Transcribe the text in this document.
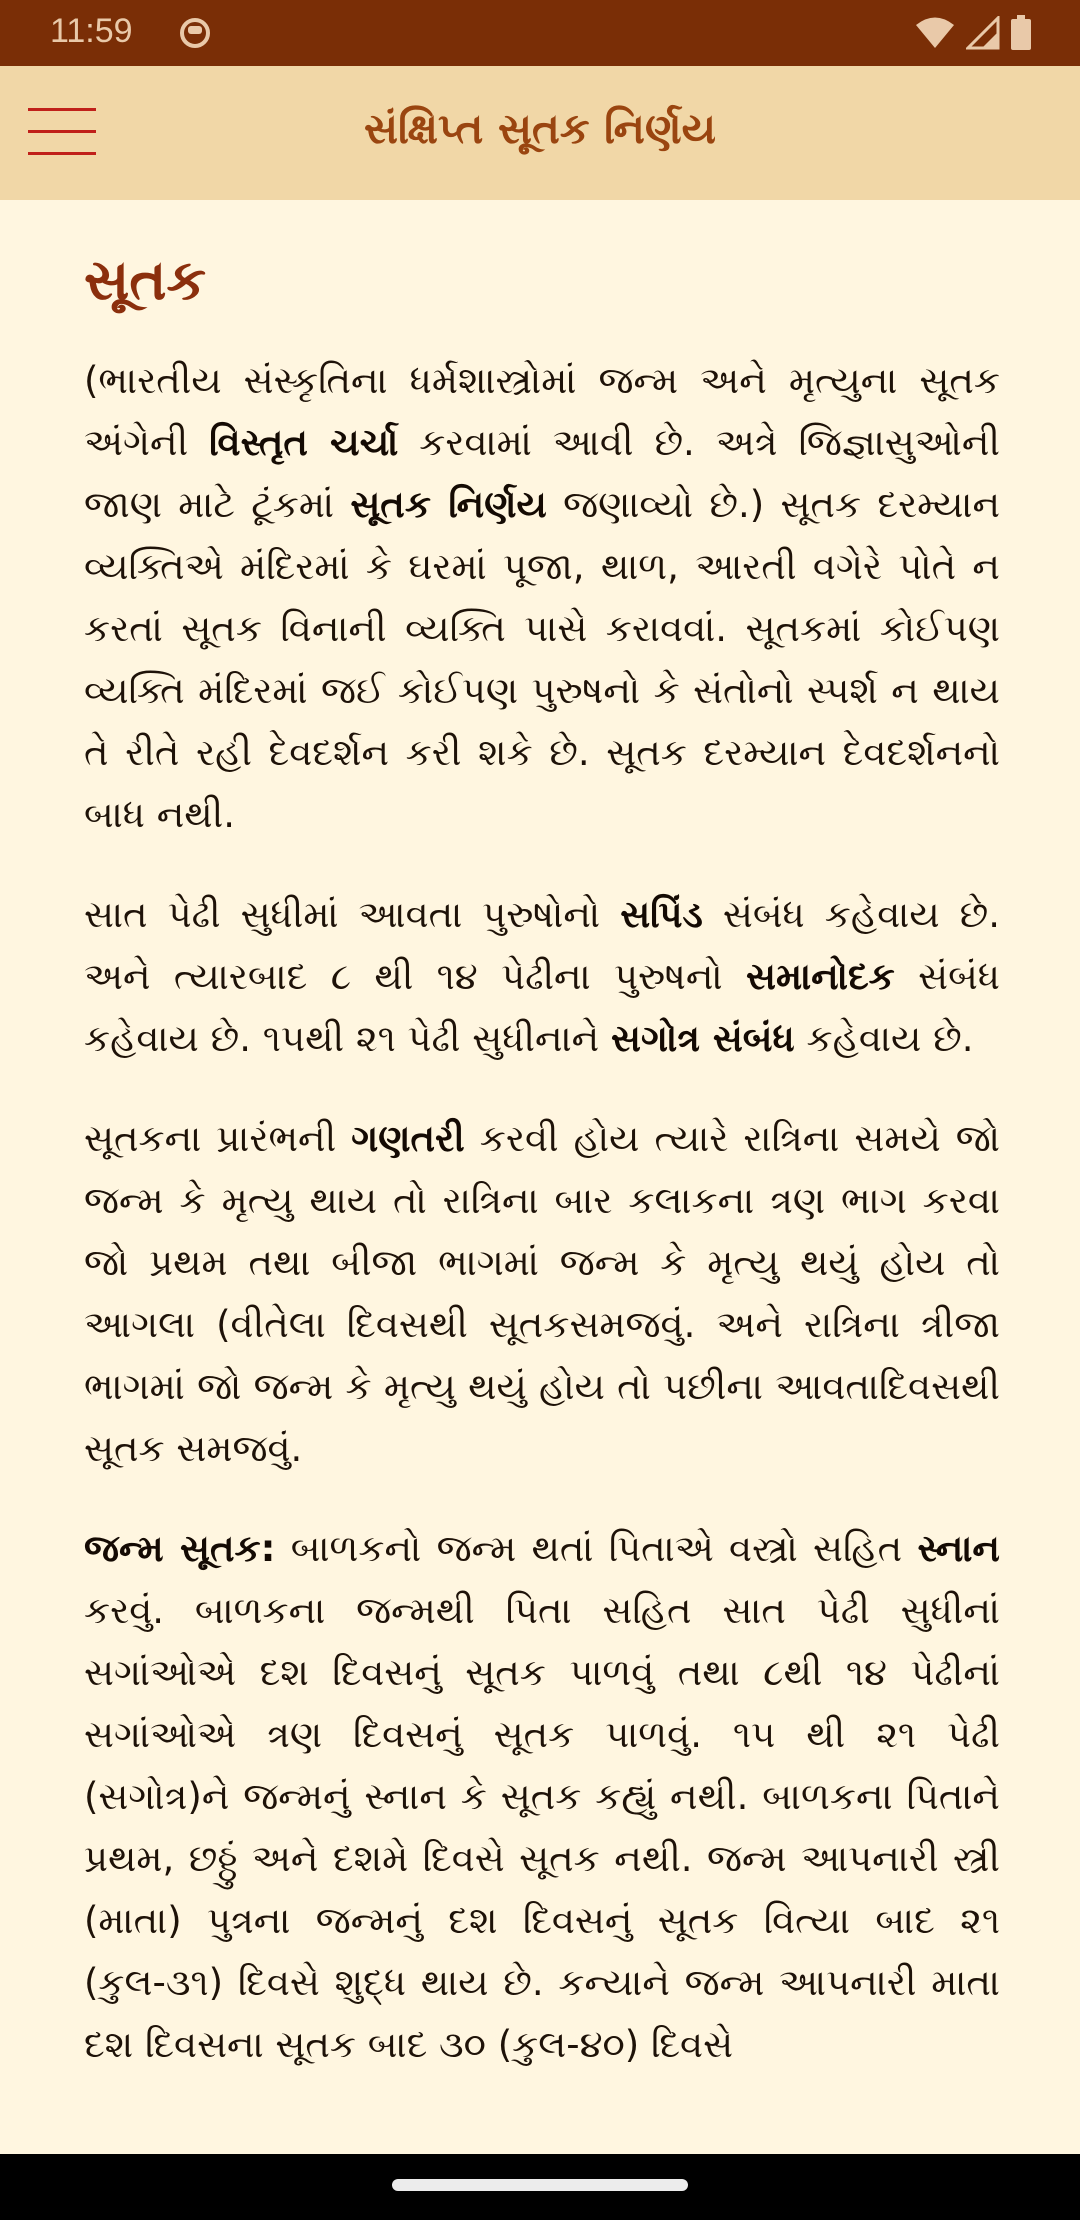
11:59
સંક્ષિપ્ત સૂતક નિર્ણય
સૂતક

(ભારતીય સંસ્કૃતિના ધર્મશાસ્ત્રોમાં જન્મ અને મૃત્યુના સૂતક અંગેની વિસ્તૃત ચર્ચા કરવામાં આવી છે. અત્રે જિજ્ઞાસુઓની જાણ માટે ટૂંકમાં સૂતક નિર્ણય જણાવ્યો છે.) સૂતક દરમ્યાન વ્યક્તિએ મંદિરમાં કે ઘરમાં પૂજા, થાળ, આરતી વગેરે પોતે ન કરતાં સૂતક વિનાની વ્યક્તિ પાસે કરાવવાં. સૂતકમાં કોઈપણ વ્યક્તિ મંદિરમાં જઈ કોઈપણ પુરુષનો કે સંતોનો સ્પર્શ ન થાય તે રીતે રહી દેવદર્શન કરી શકે છે. સૂતક દરમ્યાન દેવદર્શનનો બાધ નથી.

સાત પેઢી સુધીમાં આવતા પુરુષોનો સપિંડ સંબંધ કહેવાય છે. અને ત્યારબાદ ૮ થી ૧૪ પેઢીના પુરુષનો સમાનોદક સંબંધ કહેવાય છે. ૧૫થી ૨૧ પેઢી સુધીનાને સગોત્ર સંબંધ કહેવાય છે.

સૂતકના પ્રારંભની ગણતરી કરવી હોય ત્યારે રાત્રિના સમયે જો જન્મ કે મૃત્યુ થાય તો રાત્રિના બાર કલાકના ત્રણ ભાગ કરવા જો પ્રથમ તથા બીજા ભાગમાં જન્મ કે મૃત્યુ થયું હોય તો આગલા (વીતેલા દિવસથી સૂતકસમજવું. અને રાત્રિના ત્રીજા ભાગમાં જો જન્મ કે મૃત્યુ થયું હોય તો પછીના આવતાદિવસથી સૂતક સમજવું.

જન્મ સૂતક: બાળકનો જન્મ થતાં પિતાએ વસ્ત્રો સહિત સ્નાન કરવું. બાળકના જન્મથી પિતા સહિત સાત પેઢી સુધીનાં સગાંઓએ દશ દિવસનું સૂતક પાળવું તથા ૮થી ૧૪ પેઢીનાં સગાંઓએ ત્રણ દિવસનું સૂતક પાળવું. ૧૫ થી ૨૧ પેઢી (સગોત્ર)ને જન્મનું સ્નાન કે સૂતક કહ્યું નથી. બાળકના પિતાને પ્રથમ, છઠ્ઠું અને દશમે દિવસે સૂતક નથી. જન્મ આપનારી સ્ત્રી (માતા) પુત્રના જન્મનું દશ દિવસનું સૂતક વિત્યા બાદ ૨૧ (કુલ-૩૧) દિવસે શુદ્ધ થાય છે. કન્યાને જન્મ આપનારી માતા દશ દિવસના સૂતક બાદ ૩૦ (કુલ-૪૦) દિવસે
